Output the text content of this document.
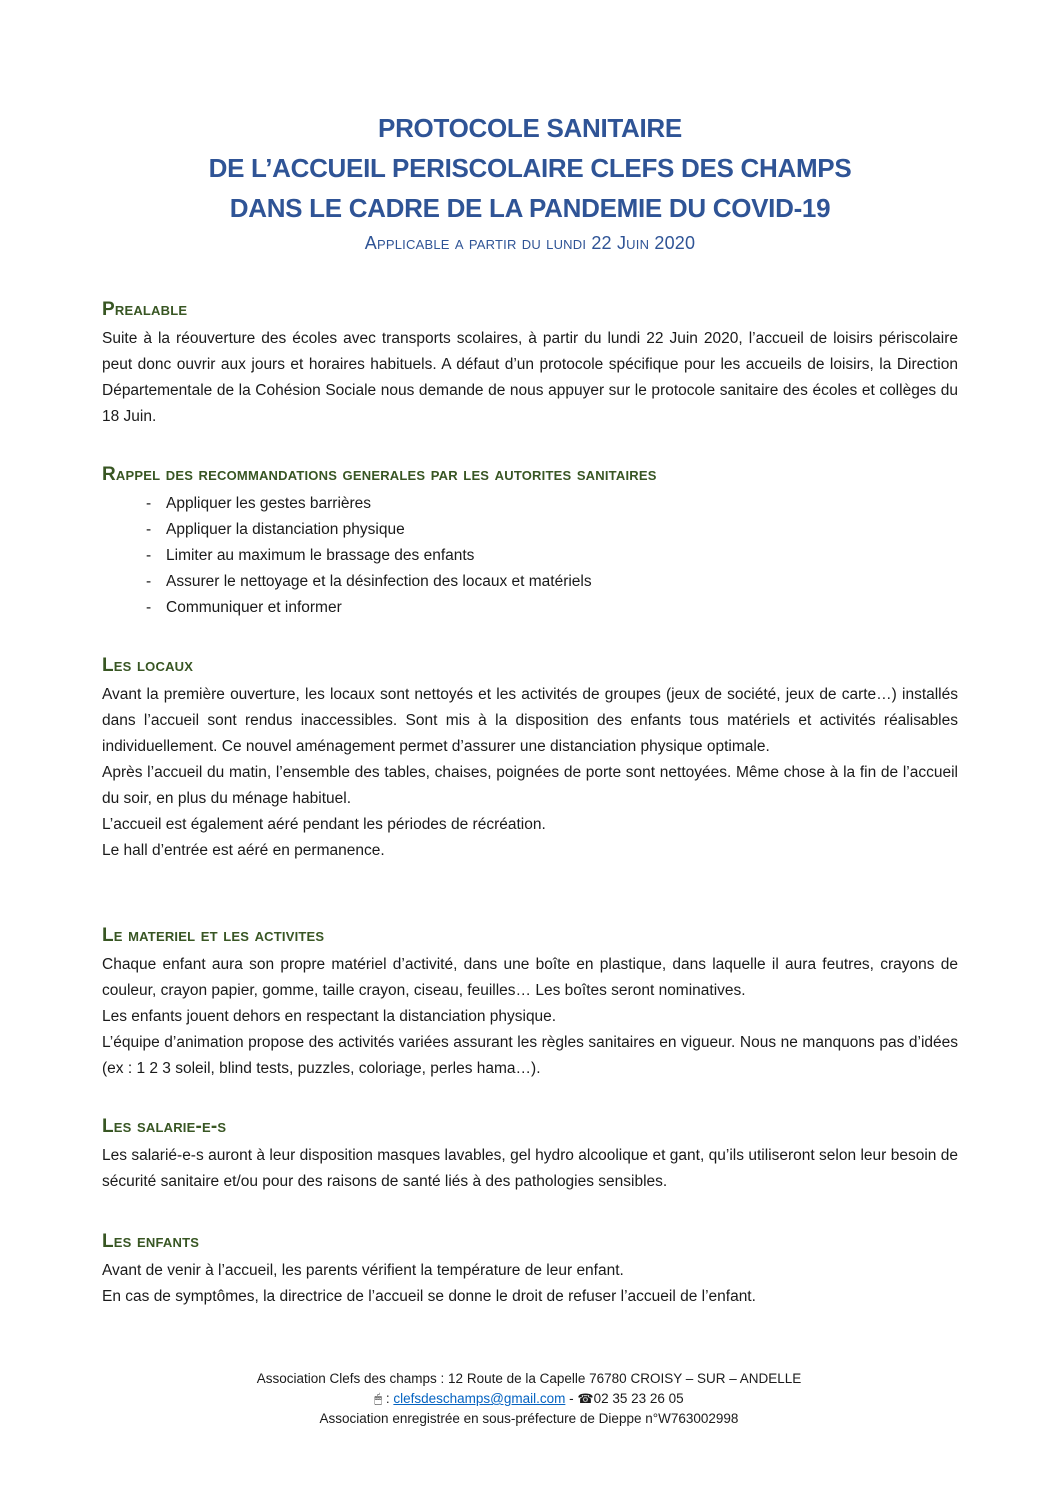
PROTOCOLE SANITAIRE
DE L’ACCUEIL PERISCOLAIRE CLEFS DES CHAMPS
DANS LE CADRE DE LA PANDEMIE DU COVID-19
Applicable a partir du lundi 22 Juin 2020
Prealable

Suite à la réouverture des écoles avec transports scolaires, à partir du lundi 22 Juin 2020, l’accueil de loisirs périscolaire peut donc ouvrir aux jours et horaires habituels. A défaut d’un protocole spécifique pour les accueils de loisirs, la Direction Départementale de la Cohésion Sociale nous demande de nous appuyer sur le protocole sanitaire des écoles et collèges du 18 Juin.

Rappel des recommandations generales par les autorites sanitaires
- Appliquer les gestes barrières
- Appliquer la distanciation physique
- Limiter au maximum le brassage des enfants
- Assurer le nettoyage et la désinfection des locaux et matériels
- Communiquer et informer
Les locaux

Avant la première ouverture, les locaux sont nettoyés et les activités de groupes (jeux de société, jeux de carte…) installés dans l’accueil sont rendus inaccessibles. Sont mis à la disposition des enfants tous matériels et activités réalisables individuellement. Ce nouvel aménagement permet d’assurer une distanciation physique optimale.

Après l’accueil du matin, l’ensemble des tables, chaises, poignées de porte sont nettoyées. Même chose à la fin de l’accueil du soir, en plus du ménage habituel.

L’accueil est également aéré pendant les périodes de récréation.

Le hall d’entrée est aéré en permanence.

Le materiel et les activites

Chaque enfant aura son propre matériel d’activité, dans une boîte en plastique, dans laquelle il aura feutres, crayons de couleur, crayon papier, gomme, taille crayon, ciseau, feuilles… Les boîtes seront nominatives.

Les enfants jouent dehors en respectant la distanciation physique.

L’équipe d’animation propose des activités variées assurant les règles sanitaires en vigueur. Nous ne manquons pas d’idées (ex : 1 2 3 soleil, blind tests, puzzles, coloriage, perles hama…).

Les salarie-e-s

Les salarié-e-s auront à leur disposition masques lavables, gel hydro alcoolique et gant, qu’ils utiliseront selon leur besoin de sécurité sanitaire et/ou pour des raisons de santé liés à des pathologies sensibles.

Les enfants

Avant de venir à l’accueil, les parents vérifient la température de leur enfant.

En cas de symptômes, la directrice de l’accueil se donne le droit de refuser l’accueil de l’enfant.

Association Clefs des champs : 12 Route de la Capelle 76780 CROISY – SUR – ANDELLE
🖱 : clefsdeschamps@gmail.com - ☎02 35 23 26 05
Association enregistrée en sous-préfecture de Dieppe n°W763002998
